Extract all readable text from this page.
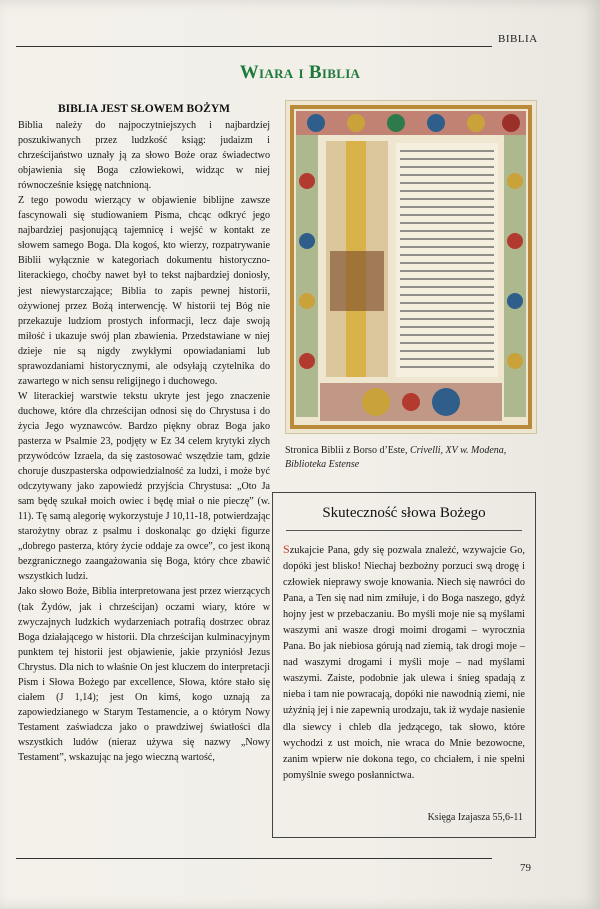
BIBLIA
Wiara i Biblia
BIBLIA JEST SŁOWEM BOŻYM

Biblia należy do najpoczytniejszych i najbardziej poszukiwanych przez ludzkość ksiąg: judaizm i chrześcijaństwo uznały ją za słowo Boże oraz świadectwo objawienia się Boga człowiekowi, widząc w niej równocześnie księgę natchnioną.

Z tego powodu wierzący w objawienie biblijne zawsze fascynowali się studiowaniem Pisma, chcąc odkryć jego najbardziej pasjonującą tajemnicę i wejść w kontakt ze słowem samego Boga. Dla kogoś, kto wierzy, rozpatrywanie Biblii wyłącznie w kategoriach dokumentu historyczno-literackiego, choćby nawet był to tekst najbardziej doniosły, jest niewystarczające; Biblia to zapis pewnej historii, ożywionej przez Bożą interwencję. W historii tej Bóg nie przekazuje ludziom prostych informacji, lecz daje swoją miłość i ukazuje swój plan zbawienia. Przedstawiane w niej dzieje nie są nigdy zwykłymi opowiadaniami lub sprawozdaniami historycznymi, ale odsyłają czytelnika do zawartego w nich sensu religijnego i duchowego.

W literackiej warstwie tekstu ukryte jest jego znaczenie duchowe, które dla chrześcijan odnosi się do Chrystusa i do życia Jego wyznawców. Bardzo piękny obraz Boga jako pasterza w Psalmie 23, podjęty w Ez 34 celem krytyki złych przywódców Izraela, da się zastosować wszędzie tam, gdzie choruje duszpasterska odpowiedzialność za ludzi, i może być odczytywany jako zapowiedź przyjścia Chrystusa: „Oto Ja sam będę szukał moich owiec i będę miał o nie pieczę” (w. 11). Tę samą alegorię wykorzystuje J 10,11-18, potwierdzając starożytny obraz z psalmu i doskonaląc go dzięki figurze „dobrego pasterza, który życie oddaje za owce”, co jest ikoną bezgranicznego zaangażowania się Boga, który chce zbawić wszystkich ludzi.

Jako słowo Boże, Biblia interpretowana jest przez wierzących (tak Żydów, jak i chrześcijan) oczami wiary, które w zwyczajnych ludzkich wydarzeniach potrafią dostrzec obraz Boga działającego w historii. Dla chrześcijan kulminacyjnym punktem tej historii jest objawienie, jakie przyniósł Jezus Chrystus. Dla nich to właśnie On jest kluczem do interpretacji Pism i Słowa Bożego par excellence, Słowa, które stało się ciałem (J 1,14); jest On kimś, kogo uznają za zapowiedzianego w Starym Testamencie, a o którym Nowy Testament zaświadcza jako o prawdziwej światłości dla wszystkich ludów (nieraz używa się nazwy „Nowy Testament”, wskazując na jego wieczną wartość,

Stronica Biblii z Borso d’Este, Crivelli, XV w. Modena, Biblioteka Estense
Skuteczność słowa Bożego

Szukajcie Pana, gdy się pozwala znaleźć, wzywajcie Go, dopóki jest blisko! Niechaj bezbożny porzuci swą drogę i człowiek nieprawy swoje knowania. Niech się nawróci do Pana, a Ten się nad nim zmiłuje, i do Boga naszego, gdyż hojny jest w przebaczaniu. Bo myśli moje nie są myślami waszymi ani wasze drogi moimi drogami – wyrocznia Pana. Bo jak niebiosa górują nad ziemią, tak drogi moje – nad waszymi drogami i myśli moje – nad myślami waszymi. Zaiste, podobnie jak ulewa i śnieg spadają z nieba i tam nie powracają, dopóki nie nawodnią ziemi, nie użyźnią jej i nie zapewnią urodzaju, tak iż wydaje nasienie dla siewcy i chleb dla jedzącego, tak słowo, które wychodzi z ust moich, nie wraca do Mnie bezowocne, zanim wpierw nie dokona tego, co chciałem, i nie spełni pomyślnie swego posłannictwa.

Księga Izajasza 55,6-11
79
